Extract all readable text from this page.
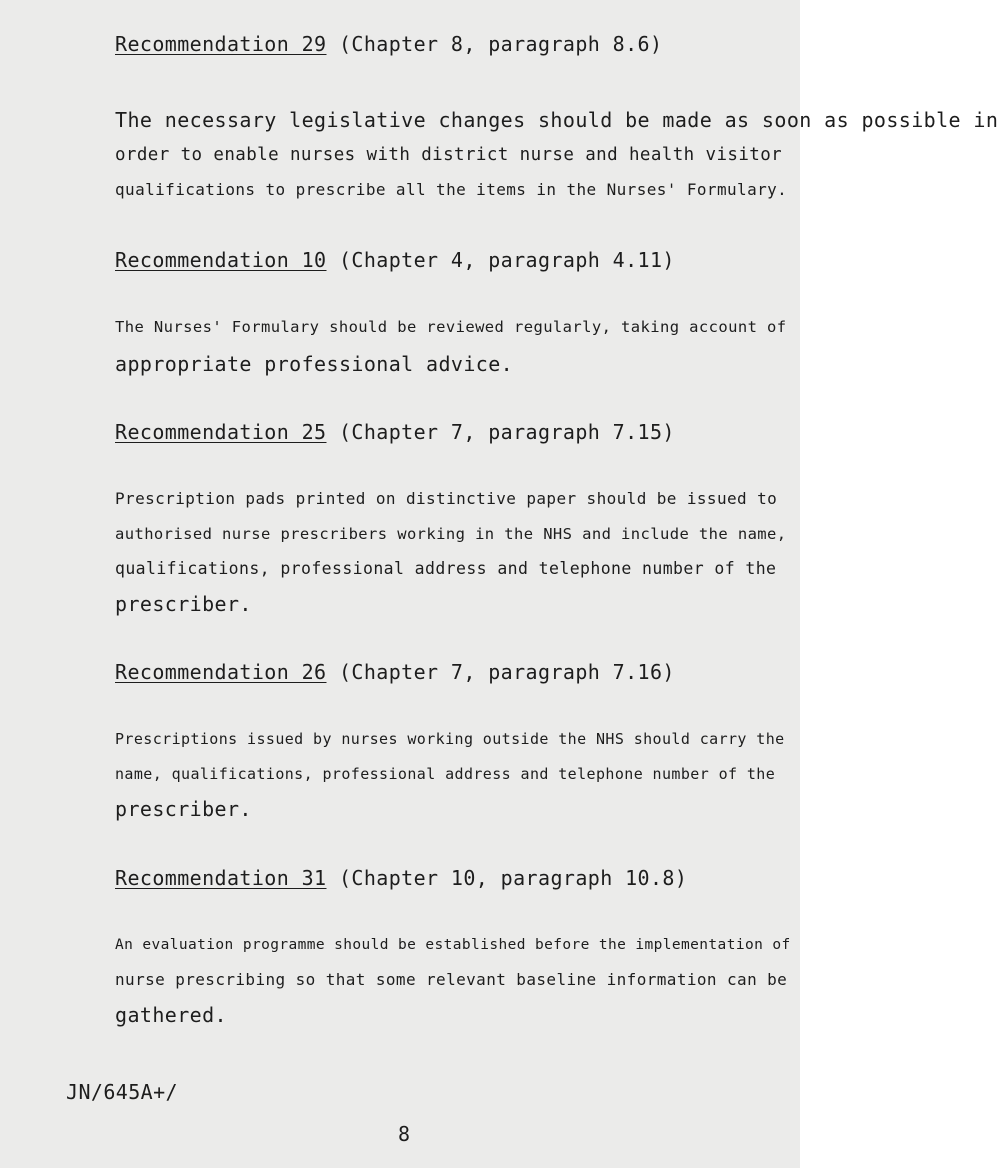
Recommendation 29 (Chapter 8, paragraph 8.6)
The necessary legislative changes should be made as soon as possible in
order to enable nurses with district nurse and health visitor
qualifications to prescribe all the items in the Nurses' Formulary.
Recommendation 10 (Chapter 4, paragraph 4.11)
The Nurses' Formulary should be reviewed regularly, taking account of
appropriate professional advice.
Recommendation 25 (Chapter 7, paragraph 7.15)
Prescription pads printed on distinctive paper should be issued to
authorised nurse prescribers working in the NHS and include the name,
qualifications, professional address and telephone number of the
prescriber.
Recommendation 26 (Chapter 7, paragraph 7.16)
Prescriptions issued by nurses working outside the NHS should carry the
name, qualifications, professional address and telephone number of the
prescriber.
Recommendation 31 (Chapter 10, paragraph 10.8)
An evaluation programme should be established before the implementation of
nurse prescribing so that some relevant baseline information can be
gathered.
JN/645A+/
8
